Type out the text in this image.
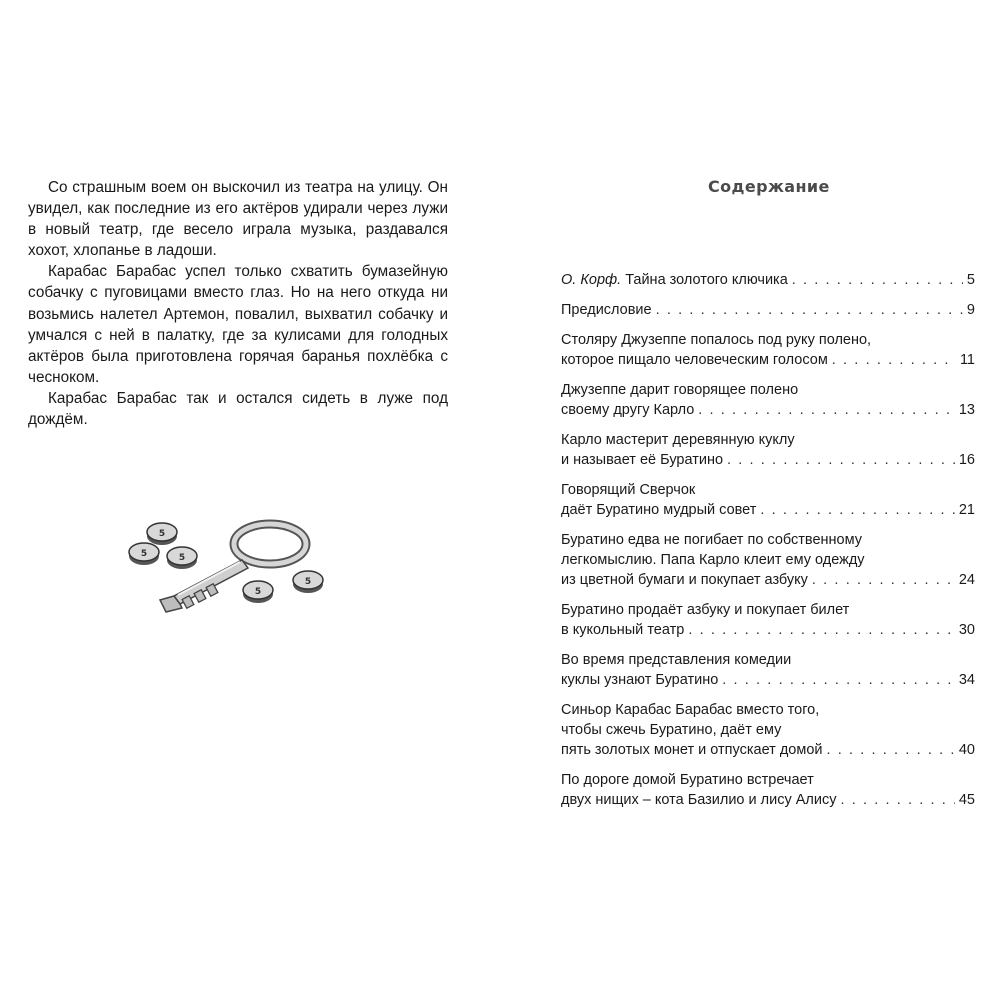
Со страшным воем он выскочил из театра на улицу. Он увидел, как последние из его актёров удирали через лужи в новый театр, где весело играла музыка, раздавался хохот, хлопанье в ладоши.

Карабас Барабас успел только схватить бумазейную собачку с пуговицами вместо глаз. Но на него откуда ни возьмись налетел Артемон, повалил, выхватил собачку и умчался с ней в палатку, где за кулисами для голодных актёров была приготовлена горячая баранья похлёбка с чесноком.

Карабас Барабас так и остался сидеть в луже под дождём.

5
5	5
5
5
Содержание
О. Корф.
Тайна золотого ключика . . .	5
Предисловие . . .	9
Столяру Джузеппе попалось под руку полено,
которое пищало человеческим голосом . . .	11
Джузеппе дарит говорящее полено
своему другу Карло . . .	13
Карло мастерит деревянную куклу
и называет её Буратино . . .	16
Говорящий Сверчок
даёт Буратино мудрый совет . . .	21
Буратино едва не погибает по собственному
легкомыслию. Папа Карло клеит ему одежду
из цветной бумаги и покупает азбуку . . .	24
Буратино продаёт азбуку и покупает билет
в кукольный театр . . .	30
Во время представления комедии
куклы узнают Буратино . . .	34
Синьор Карабас Барабас вместо того,
чтобы сжечь Буратино, даёт ему
пять золотых монет и отпускает домой . . .	40
По дороге домой Буратино встречает
двух нищих – кота Базилио и лису Алису . . .	45
